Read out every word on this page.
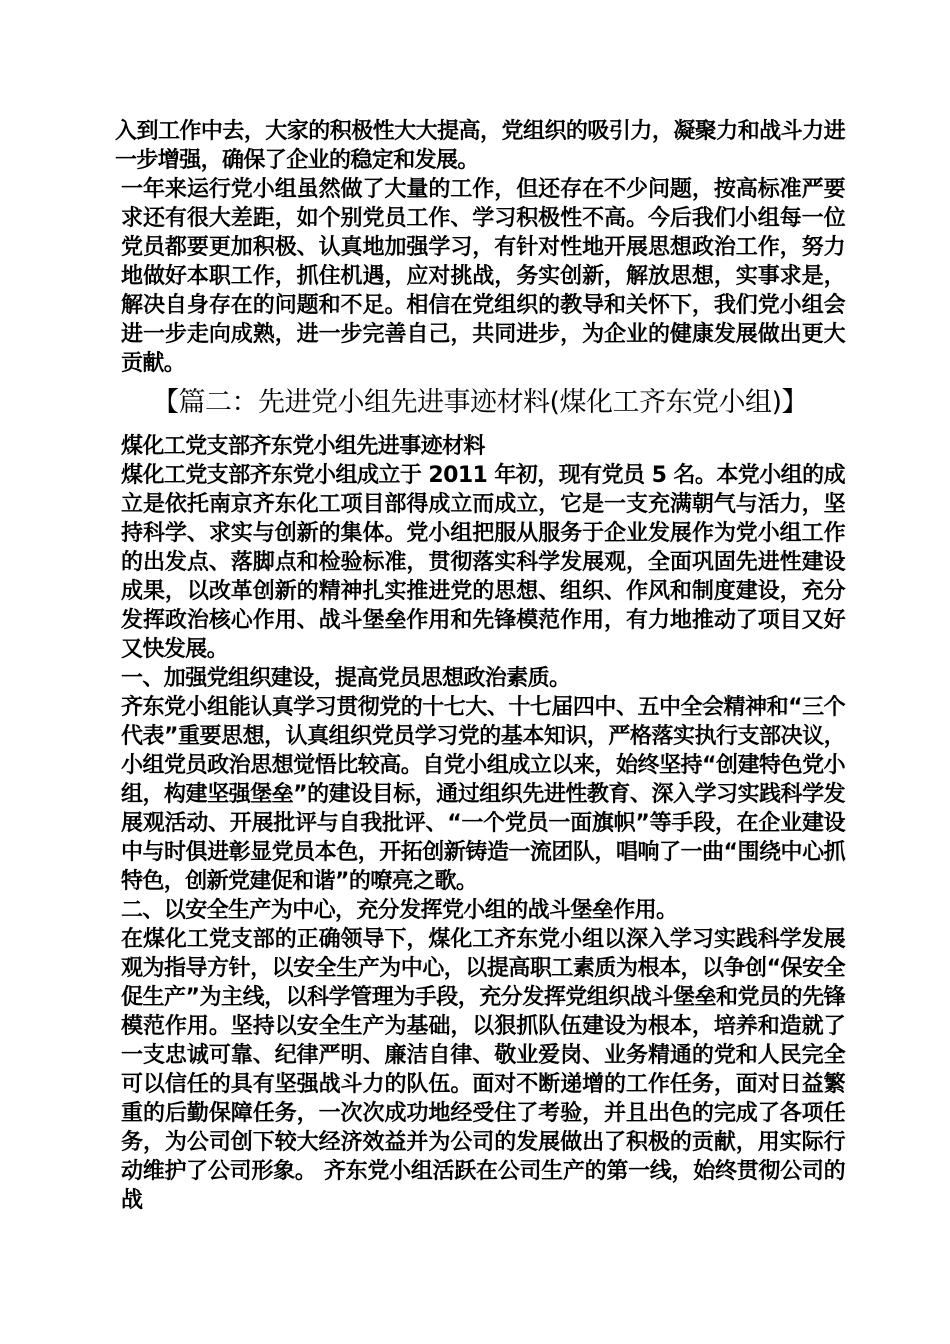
入到工作中去，大家的积极性大大提高，党组织的吸引力，凝聚力和战斗力进一步增强，确保了企业的稳定和发展。

一年来运行党小组虽然做了大量的工作，但还存在不少问题，按高标准严要求还有很大差距，如个别党员工作、学习积极性不高。今后我们小组每一位党员都要更加积极、认真地加强学习，有针对性地开展思想政治工作，努力地做好本职工作，抓住机遇，应对挑战，务实创新，解放思想，实事求是，解决自身存在的问题和不足。相信在党组织的教导和关怀下，我们党小组会进一步走向成熟，进一步完善自己，共同进步，为企业的健康发展做出更大贡献。

【篇二：先进党小组先进事迹材料(煤化工齐东党小组)】

煤化工党支部齐东党小组先进事迹材料

煤化工党支部齐东党小组成立于 2011 年初，现有党员 5 名。本党小组的成立是依托南京齐东化工项目部得成立而成立，它是一支充满朝气与活力，坚持科学、求实与创新的集体。党小组把服从服务于企业发展作为党小组工作的出发点、落脚点和检验标准，贯彻落实科学发展观，全面巩固先进性建设成果，以改革创新的精神扎实推进党的思想、组织、作风和制度建设，充分发挥政治核心作用、战斗堡垒作用和先锋模范作用，有力地推动了项目又好又快发展。

一、加强党组织建设，提高党员思想政治素质。

齐东党小组能认真学习贯彻党的十七大、十七届四中、五中全会精神和“三个代表”重要思想，认真组织党员学习党的基本知识，严格落实执行支部决议，小组党员政治思想觉悟比较高。自党小组成立以来，始终坚持“创建特色党小组，构建坚强堡垒”的建设目标，通过组织先进性教育、深入学习实践科学发展观活动、开展批评与自我批评、“一个党员一面旗帜”等手段，在企业建设中与时俱进彰显党员本色，开拓创新铸造一流团队，唱响了一曲“围绕中心抓特色，创新党建促和谐”的嘹亮之歌。

二、以安全生产为中心，充分发挥党小组的战斗堡垒作用。

在煤化工党支部的正确领导下，煤化工齐东党小组以深入学习实践科学发展观为指导方针，以安全生产为中心，以提高职工素质为根本，以争创“保安全促生产”为主线，以科学管理为手段，充分发挥党组织战斗堡垒和党员的先锋模范作用。坚持以安全生产为基础，以狠抓队伍建设为根本，培养和造就了一支忠诚可靠、纪律严明、廉洁自律、敬业爱岗、业务精通的党和人民完全可以信任的具有坚强战斗力的队伍。面对不断递增的工作任务，面对日益繁重的后勤保障任务，一次次成功地经受住了考验，并且出色的完成了各项任务，为公司创下较大经济效益并为公司的发展做出了积极的贡献，用实际行动维护了公司形象。 齐东党小组活跃在公司生产的第一线，始终贯彻公司的战
